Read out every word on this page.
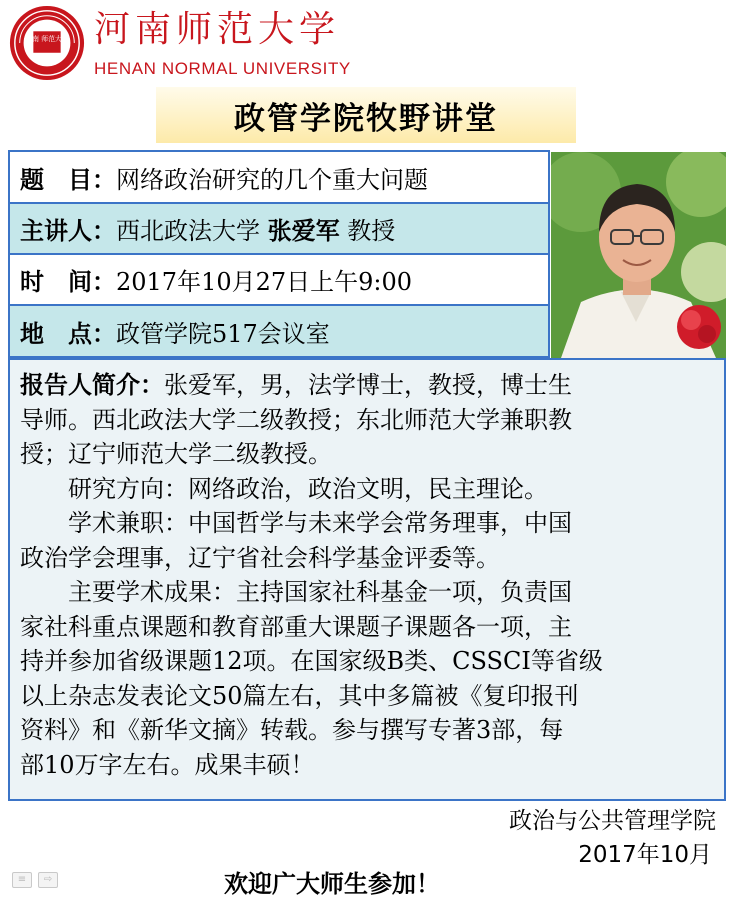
河南 师范大学 河南师范大学
HENAN NORMAL UNIVERSITY
政管学院牧野讲堂
题　目 ： 网络政治研究的几个重大问题
主讲人 ： 西北政法大学
张爱军
教授
时　间 ： 2017年10月27日上午9:00
地　点 ： 政管学院517会议室
报告人简介：张爱军，男，法学博士，教授，博士生
导师。西北政法大学二级教授；东北师范大学兼职教
授；辽宁师范大学二级教授。
　　研究方向：网络政治，政治文明，民主理论。
　　学术兼职：中国哲学与未来学会常务理事，中国
政治学会理事，辽宁省社会科学基金评委等。
　　主要学术成果：主持国家社科基金一项，负责国
家社科重点课题和教育部重大课题子课题各一项，主
持并参加省级课题12项。在国家级B类、CSSCI等省级
以上杂志发表论文50篇左右，其中多篇被《复印报刊
资料》和《新华文摘》转载。参与撰写专著3部，每
部10万字左右。成果丰硕！
政治与公共管理学院
2017年10月
欢迎广大师生参加！
≡	⇨
